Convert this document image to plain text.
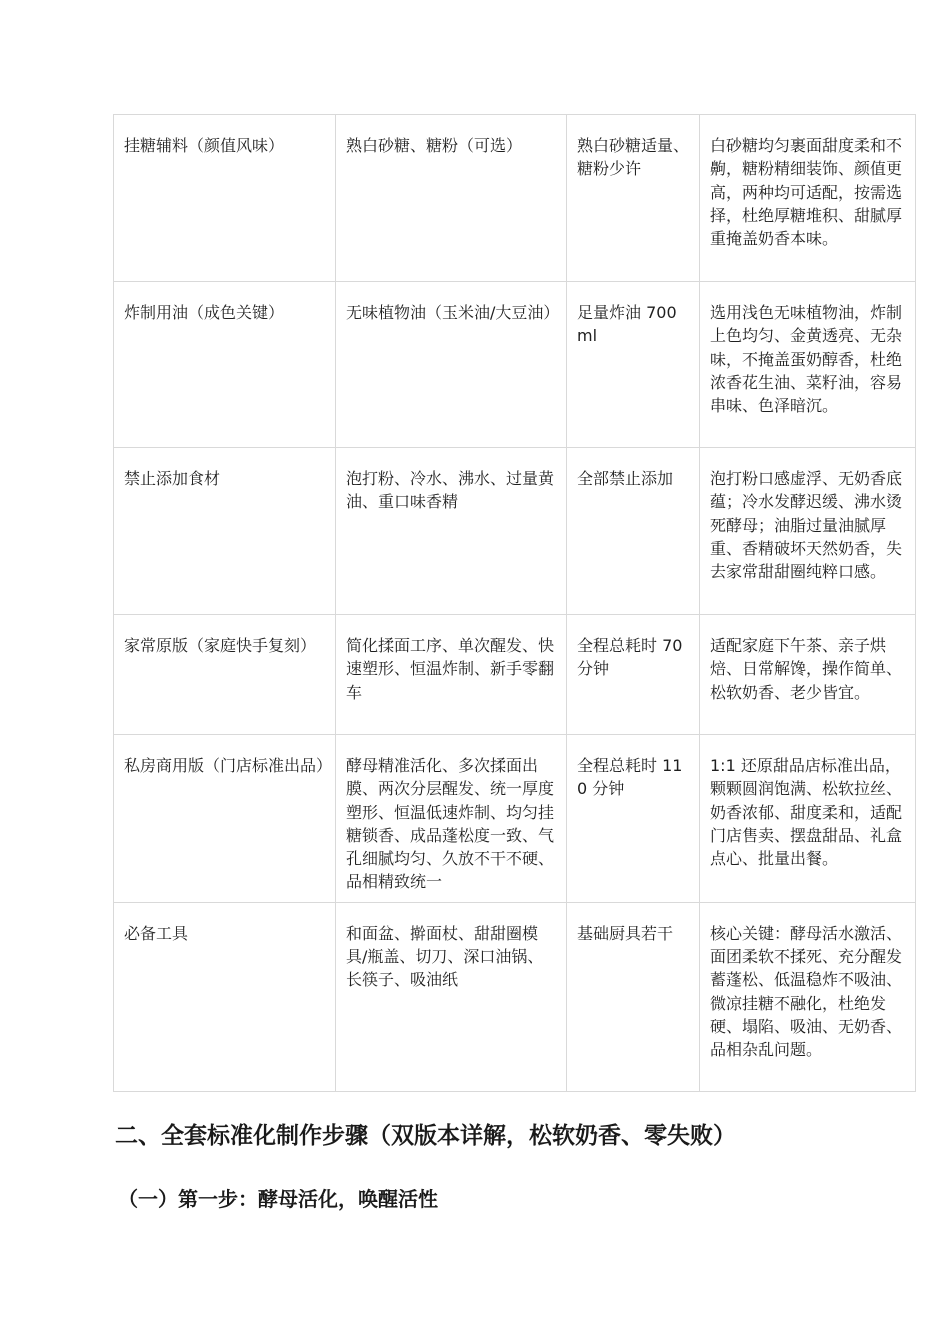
挂糖辅料（颜值风味）	熟白砂糖、糖粉（可选）	熟白砂糖适量、糖粉少许	白砂糖均匀裹面甜度柔和不齁，糖粉精细装饰、颜值更高，两种均可适配，按需选择，杜绝厚糖堆积、甜腻厚重掩盖奶香本味。
炸制用油（成色关键）	无味植物油（玉米油/大豆油）	足量炸油 700ml	选用浅色无味植物油，炸制上色均匀、金黄透亮、无杂味，不掩盖蛋奶醇香，杜绝浓香花生油、菜籽油，容易串味、色泽暗沉。
禁止添加食材	泡打粉、冷水、沸水、过量黄油、重口味香精	全部禁止添加	泡打粉口感虚浮、无奶香底蕴；冷水发酵迟缓、沸水烫死酵母；油脂过量油腻厚重、香精破坏天然奶香，失去家常甜甜圈纯粹口感。
家常原版（家庭快手复刻）	简化揉面工序、单次醒发、快速塑形、恒温炸制、新手零翻车	全程总耗时 70 分钟	适配家庭下午茶、亲子烘焙、日常解馋，操作简单、松软奶香、老少皆宜。
私房商用版（门店标准出品）	酵母精准活化、多次揉面出膜、两次分层醒发、统一厚度塑形、恒温低速炸制、均匀挂糖锁香、成品蓬松度一致、气孔细腻均匀、久放不干不硬、品相精致统一	全程总耗时 110 分钟	1:1 还原甜品店标准出品，颗颗圆润饱满、松软拉丝、奶香浓郁、甜度柔和，适配门店售卖、摆盘甜品、礼盒点心、批量出餐。
必备工具	和面盆、擀面杖、甜甜圈模具/瓶盖、切刀、深口油锅、长筷子、吸油纸	基础厨具若干	核心关键：酵母活水激活、面团柔软不揉死、充分醒发蓄蓬松、低温稳炸不吸油、微凉挂糖不融化，杜绝发硬、塌陷、吸油、无奶香、品相杂乱问题。
二、全套标准化制作步骤（双版本详解，松软奶香、零失败）
（一）第一步：酵母活化，唤醒活性
